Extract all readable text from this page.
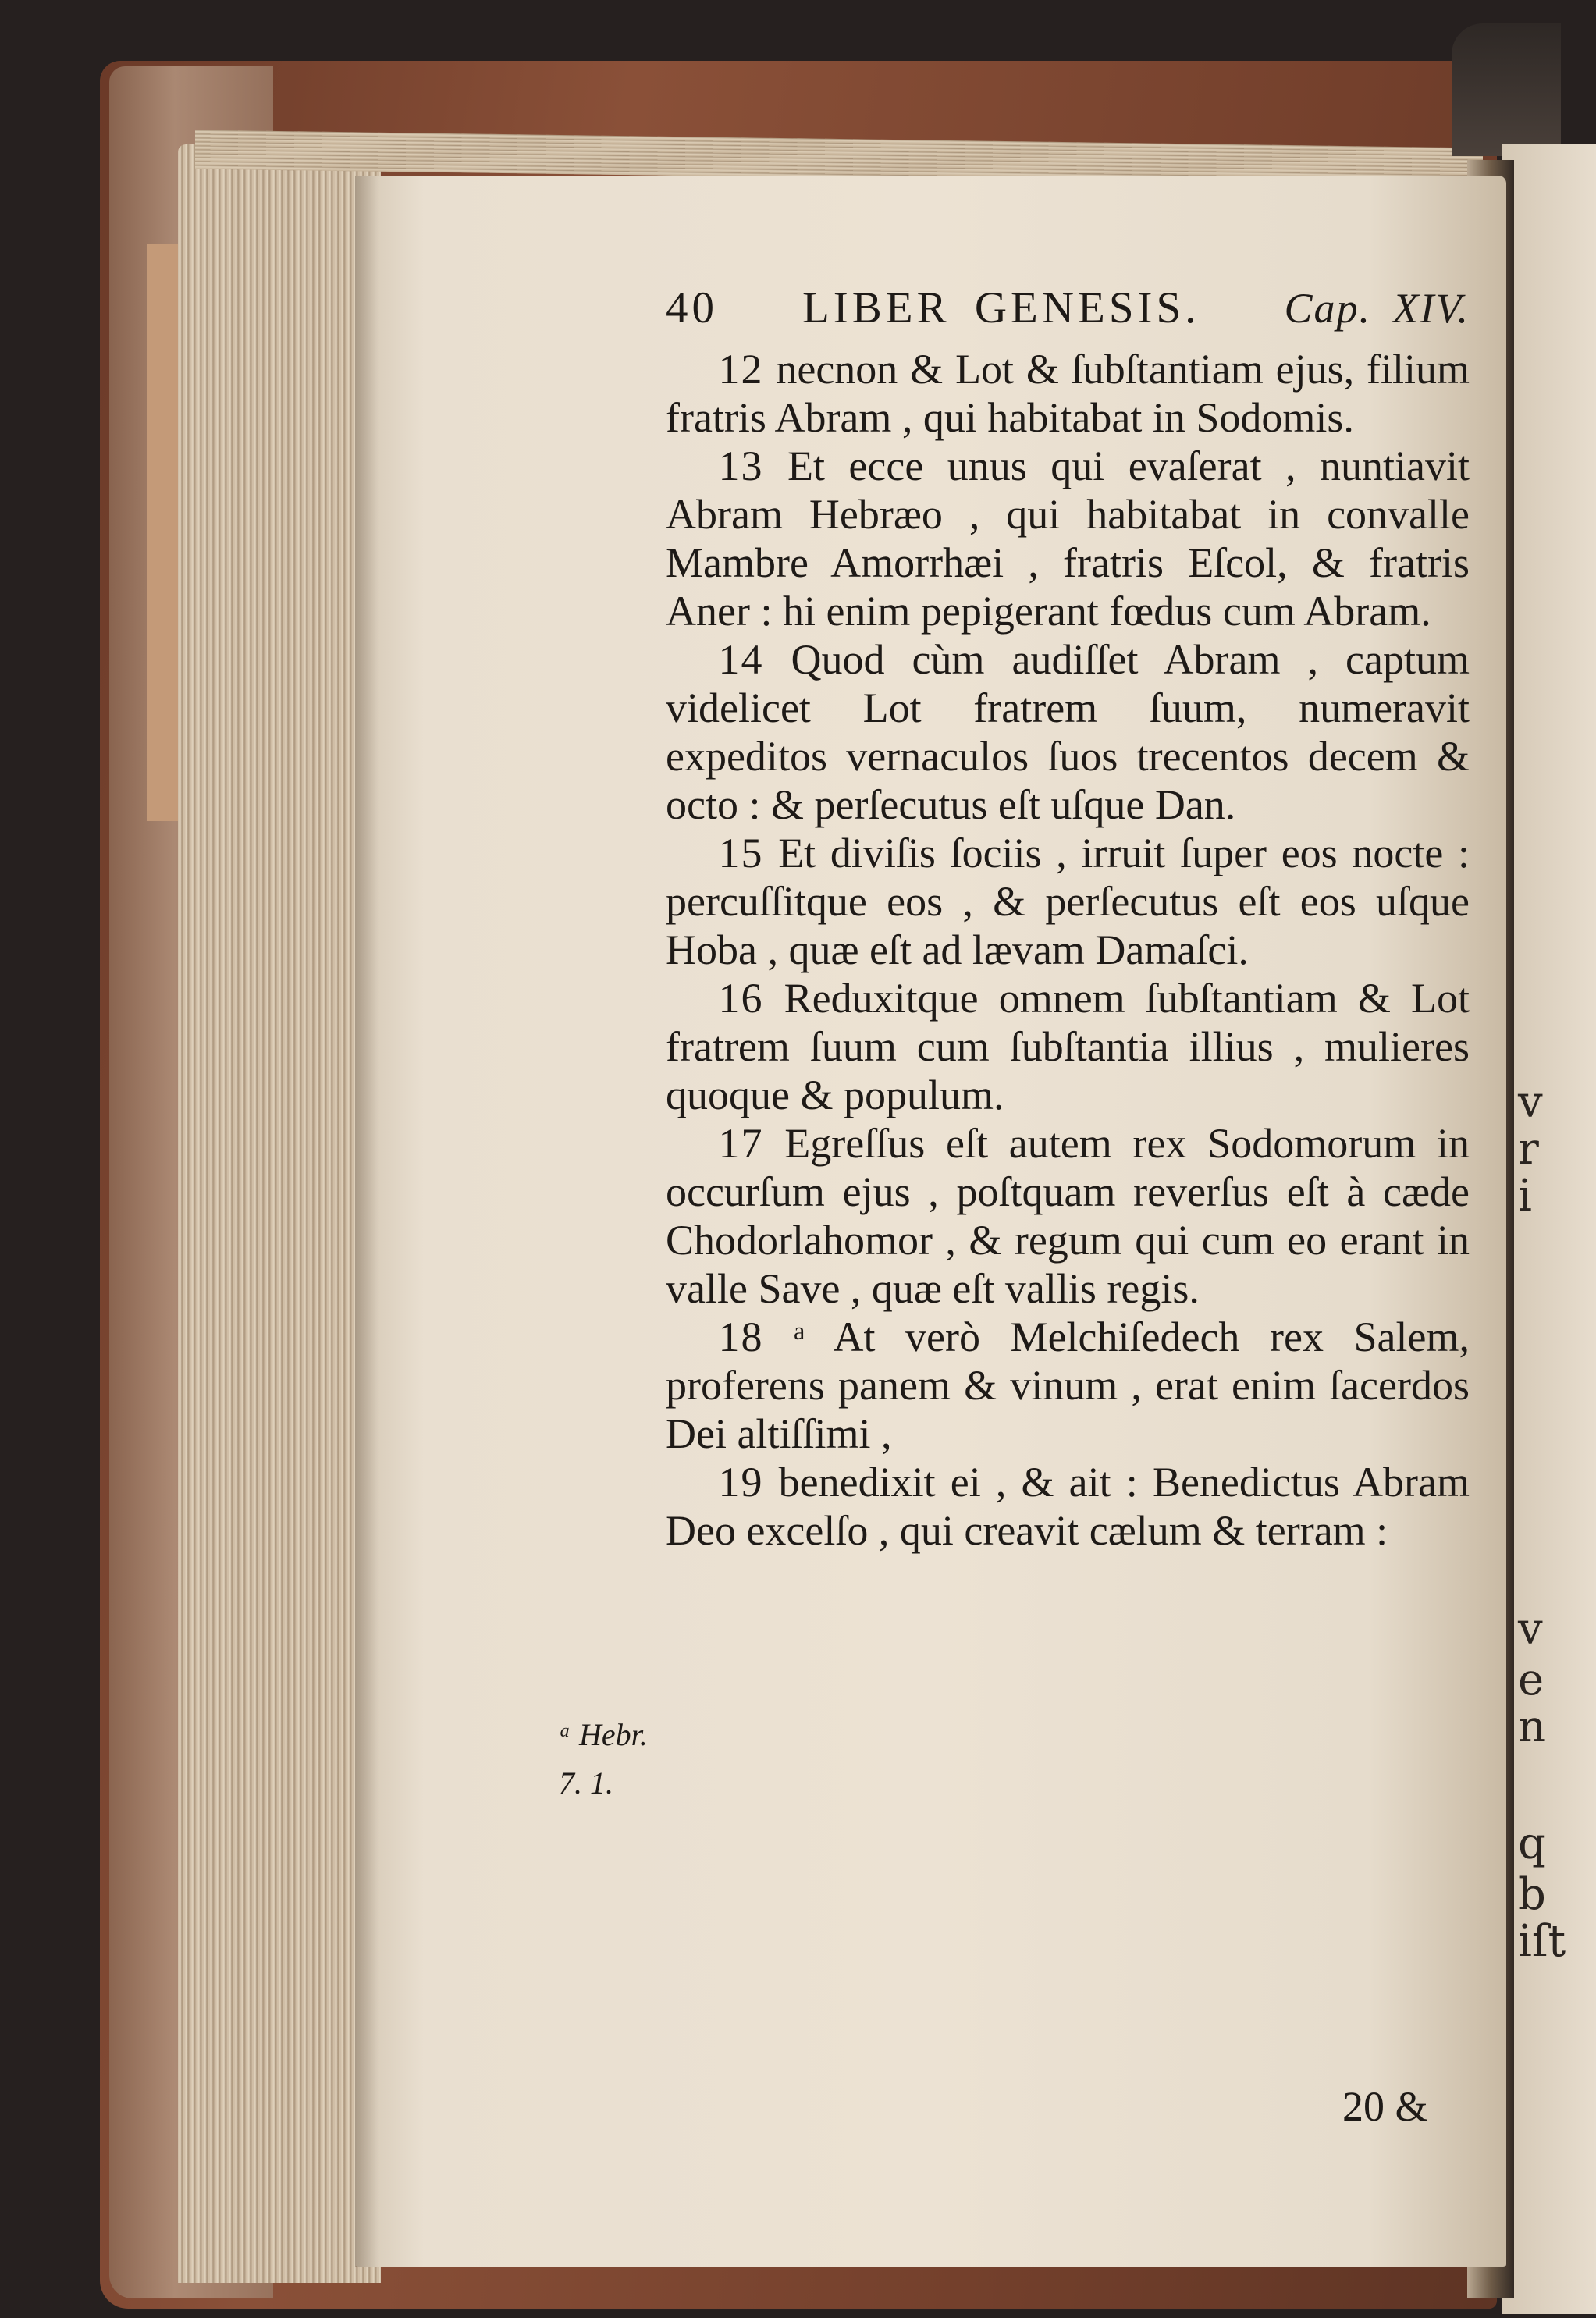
v
r
i
v
e
n
q
b
iſt
40 LIBER GENESIS. Cap. XIV.

12 necnon & Lot & ſubſtantiam ejus, filium fratris Abram , qui habitabat in Sodomis.

13 Et ecce unus qui evaſerat , nuntiavit Abram Hebræo , qui habitabat in convalle Mambre Amorrhæi , fratris Eſcol, & fratris Aner : hi enim pepigerant fœdus cum Abram.

14 Quod cùm audiſſet Abram , captum videlicet Lot fratrem ſuum, numeravit expeditos vernaculos ſuos trecentos decem & octo : & perſecutus eſt uſque Dan.

15 Et diviſis ſociis , irruit ſuper eos nocte : percuſſitque eos , & perſecutus eſt eos uſque Hoba , quæ eſt ad lævam Damaſci.

16 Reduxitque omnem ſubſtantiam & Lot fratrem ſuum cum ſubſtantia illius , mulieres quoque & populum.

17 Egreſſus eſt autem rex Sodomorum in occurſum ejus , poſtquam reverſus eſt à cæde Chodorlahomor , & regum qui cum eo erant in valle Save , quæ eſt vallis regis.

18 ᵃ At verò Melchiſedech rex Salem, proferens panem & vinum , erat enim ſacerdos Dei altiſſimi ,

19 benedixit ei , & ait : Benedictus Abram Deo excelſo , qui creavit cælum & terram :

ᵃ Hebr.
7. 1.
20 &
